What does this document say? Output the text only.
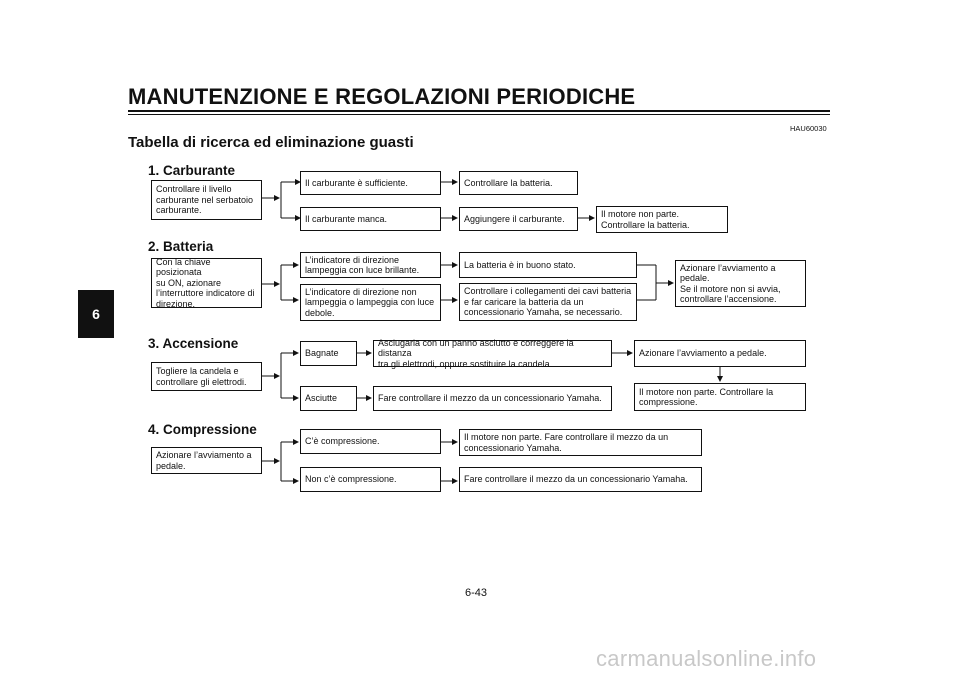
MANUTENZIONE E REGOLAZIONI PERIODICHE
HAU60030
Tabella di ricerca ed eliminazione guasti
6
1. Carburante
Controllare il livello
carburante nel serbatoio
carburante.
Il carburante è sufficiente.
Il carburante manca.
Controllare la batteria.
Aggiungere il carburante.	Il motore non parte.
Controllare la batteria.
2. Batteria
Con la chiave posizionata
su ON, azionare
l’interruttore indicatore di
direzione.
L’indicatore di direzione
lampeggia con luce brillante.
L’indicatore di direzione non
lampeggia o lampeggia con luce
debole.
La batteria è in buono stato.
Controllare i collegamenti dei cavi batteria
e far caricare la batteria da un
concessionario Yamaha, se necessario.
Azionare l’avviamento a
pedale.
Se il motore non si avvia,
controllare l’accensione.
3. Accensione
Togliere la candela e
controllare gli elettrodi.
Bagnate
Asciutte
Asciugarla con un panno asciutto e correggere la distanza
tra gli elettrodi, oppure sostituire la candela.
Fare controllare il mezzo da un concessionario Yamaha.
Azionare l’avviamento a pedale.
Il motore non parte. Controllare la
compressione.
4. Compressione
Azionare l’avviamento a
pedale.
C’è compressione.
Non c’è compressione.
Il motore non parte. Fare controllare il mezzo da un
concessionario Yamaha.
Fare controllare il mezzo da un concessionario Yamaha.
6-43
carmanualsonline.info
